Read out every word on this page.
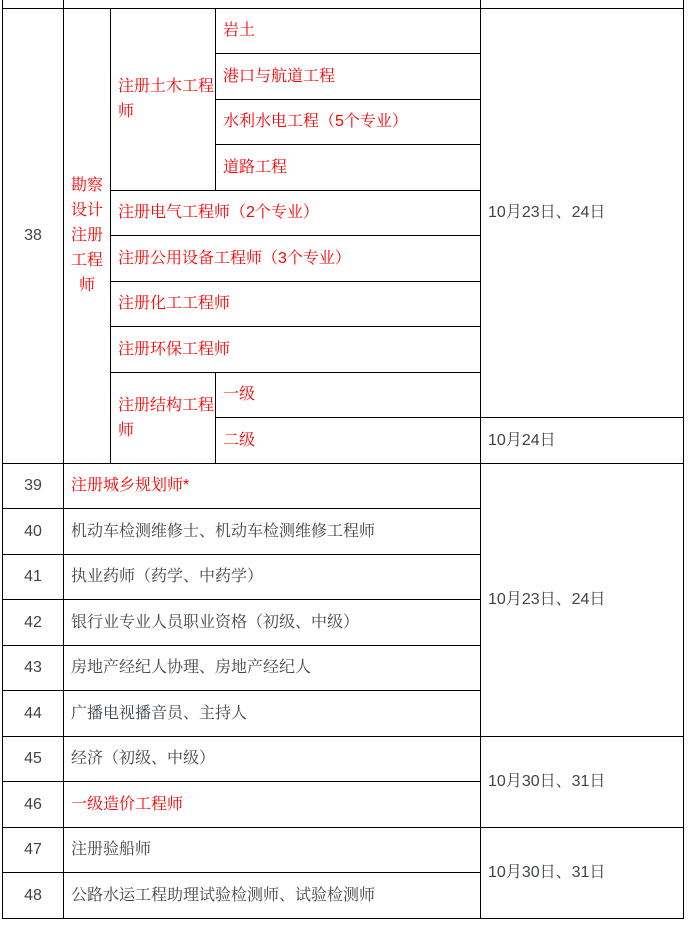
38	勘察设计注册工程师	注册土木工程师	岩土	10月23日、24日
			港口与航道工程	
			水利水电工程（5个专业）	
			道路工程	
		注册电气工程师（2个专业）		
		注册公用设备工程师（3个专业）		
		注册化工工程师		
		注册环保工程师		
		注册结构工程师	一级	
			二级	10月24日
39	注册城乡规划师*			10月23日、24日
40	机动车检测维修士、机动车检测维修工程师			
41	执业药师（药学、中药学）			
42	银行业专业人员职业资格（初级、中级）			
43	房地产经纪人协理、房地产经纪人			
44	广播电视播音员、主持人			
45	经济（初级、中级）			10月30日、31日
46	一级造价工程师			
47	注册验船师			10月30日、31日
48	公路水运工程助理试验检测师、试验检测师			
